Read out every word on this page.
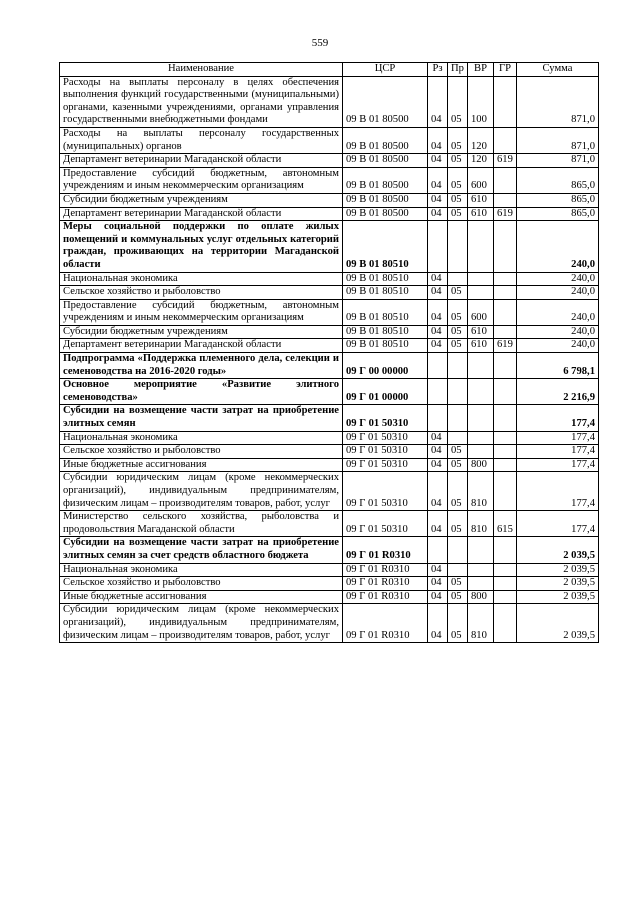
559
Наименование	ЦСР	Рз	Пр	ВР	ГР	Сумма
Расходы на выплаты персоналу в целях обеспечения выполнения функций государственными (муниципальными) органами, казенными учреждениями, органами управления государственными внебюджетными фондами	09 В 01 80500	04	05	100		871,0
Расходы на выплаты персоналу государственных (муниципальных) органов	09 В 01 80500	04	05	120		871,0
Департамент ветеринарии Магаданской области	09 В 01 80500	04	05	120	619	871,0
Предоставление субсидий бюджетным, автономным учреждениям и иным некоммерческим организациям	09 В 01 80500	04	05	600		865,0
Субсидии бюджетным учреждениям	09 В 01 80500	04	05	610		865,0
Департамент ветеринарии Магаданской области	09 В 01 80500	04	05	610	619	865,0
Меры социальной поддержки по оплате жилых помещений и коммунальных услуг отдельных категорий граждан, проживающих на территории Магаданской области	09 В 01 80510					240,0
Национальная экономика	09 В 01 80510	04				240,0
Сельское хозяйство и рыболовство	09 В 01 80510	04	05			240,0
Предоставление субсидий бюджетным, автономным учреждениям и иным некоммерческим организациям	09 В 01 80510	04	05	600		240,0
Субсидии бюджетным учреждениям	09 В 01 80510	04	05	610		240,0
Департамент ветеринарии Магаданской области	09 В 01 80510	04	05	610	619	240,0
Подпрограмма «Поддержка племенного дела, селекции и семеноводства на 2016-2020 годы»	09 Г 00 00000					6 798,1
Основное мероприятие «Развитие элитного семеноводства»	09 Г 01 00000					2 216,9
Субсидии на возмещение части затрат на приобретение элитных семян	09 Г 01 50310					177,4
Национальная экономика	09 Г 01 50310	04				177,4
Сельское хозяйство и рыболовство	09 Г 01 50310	04	05			177,4
Иные бюджетные ассигнования	09 Г 01 50310	04	05	800		177,4
Субсидии юридическим лицам (кроме некоммерческих организаций), индивидуальным предпринимателям, физическим лицам – производителям товаров, работ, услуг	09 Г 01 50310	04	05	810		177,4
Министерство сельского хозяйства, рыболовства и продовольствия Магаданской области	09 Г 01 50310	04	05	810	615	177,4
Субсидии на возмещение части затрат на приобретение элитных семян за счет средств областного бюджета	09 Г 01 R0310					2 039,5
Национальная экономика	09 Г 01 R0310	04				2 039,5
Сельское хозяйство и рыболовство	09 Г 01 R0310	04	05			2 039,5
Иные бюджетные ассигнования	09 Г 01 R0310	04	05	800		2 039,5
Субсидии юридическим лицам (кроме некоммерческих организаций), индивидуальным предпринимателям, физическим лицам – производителям товаров, работ, услуг	09 Г 01 R0310	04	05	810		2 039,5
